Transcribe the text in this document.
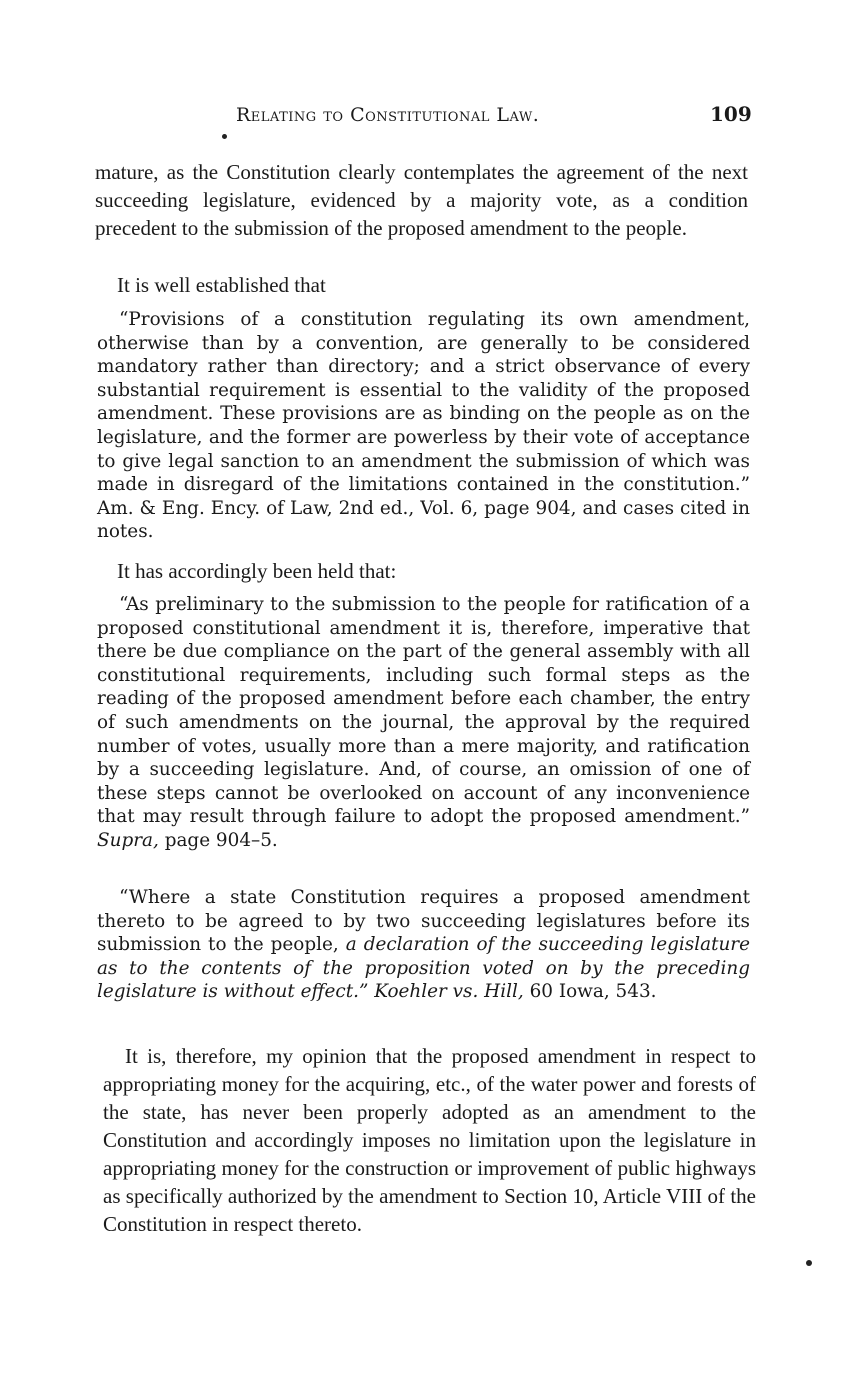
Relating to Constitutional Law.	109

mature, as the Constitution clearly contemplates the agreement of the next succeeding legislature, evidenced by a majority vote, as a condition precedent to the submission of the proposed amendment to the people.

It is well established that

“Provisions of a constitution regulating its own amendment, otherwise than by a convention, are generally to be considered mandatory rather than directory; and a strict observance of every substantial requirement is essential to the validity of the proposed amendment. These provisions are as binding on the people as on the legislature, and the former are powerless by their vote of acceptance to give legal sanction to an amendment the submission of which was made in disregard of the limitations contained in the constitution.” Am. & Eng. Ency. of Law, 2nd ed., Vol. 6, page 904, and cases cited in notes.

It has accordingly been held that:

“As preliminary to the submission to the people for ratification of a proposed constitutional amendment it is, therefore, imperative that there be due compliance on the part of the general assembly with all constitutional requirements, including such formal steps as the reading of the proposed amendment before each chamber, the entry of such amendments on the journal, the approval by the required number of votes, usually more than a mere majority, and ratification by a succeeding legislature. And, of course, an omission of one of these steps cannot be overlooked on account of any inconvenience that may result through failure to adopt the proposed amendment.” Supra, page 904–5.

“Where a state Constitution requires a proposed amendment thereto to be agreed to by two succeeding legislatures before its submission to the people, a declaration of the succeeding legislature as to the contents of the proposition voted on by the preceding legislature is without effect.” Koehler vs. Hill, 60 Iowa, 543.

It is, therefore, my opinion that the proposed amendment in respect to appropriating money for the acquiring, etc., of the water power and forests of the state, has never been properly adopted as an amendment to the Constitution and accordingly imposes no limitation upon the legislature in appropriating money for the construction or improvement of public highways as specifically authorized by the amendment to Section 10, Article VIII of the Constitution in respect thereto.
